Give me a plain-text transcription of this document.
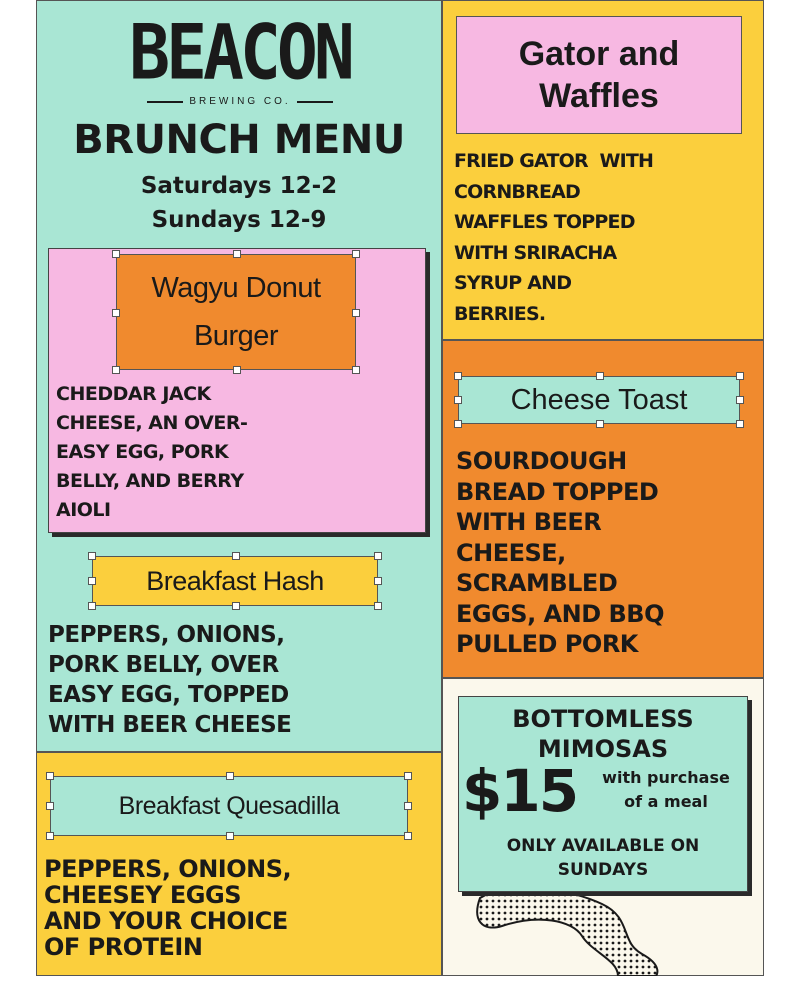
BEACON
BREWING CO.
BRUNCH MENU
Saturdays 12-2
Sundays 12-9
Wagyu Donut
Burger
CHEDDAR JACK
CHEESE, AN OVER-
EASY EGG, PORK
BELLY, AND BERRY
AIOLI
Breakfast Hash
PEPPERS, ONIONS,
PORK BELLY, OVER
EASY EGG, TOPPED
WITH BEER CHEESE
Breakfast Quesadilla
PEPPERS, ONIONS,
CHEESEY EGGS
AND YOUR CHOICE
OF PROTEIN
Gator and
Waffles
FRIED GATOR  WITH
CORNBREAD
WAFFLES TOPPED
WITH SRIRACHA
SYRUP AND
BERRIES.
Cheese Toast
SOURDOUGH
BREAD TOPPED
WITH BEER
CHEESE,
SCRAMBLED
EGGS, AND BBQ
PULLED PORK
BOTTOMLESS
MIMOSAS
$15	with purchase
of a meal
ONLY AVAILABLE ON
SUNDAYS
